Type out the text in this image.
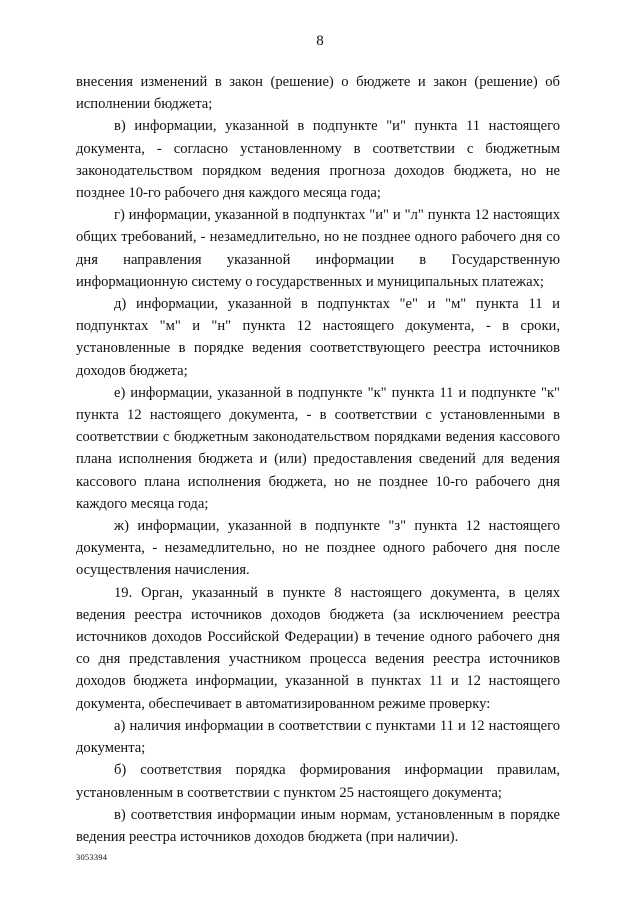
8

внесения изменений в закон (решение) о бюджете и закон (решение) об исполнении бюджета;

в) информации, указанной в подпункте "и" пункта 11 настоящего документа, - согласно установленному в соответствии с бюджетным законодательством порядком ведения прогноза доходов бюджета, но не позднее 10-го рабочего дня каждого месяца года;

г) информации, указанной в подпунктах "и" и "л" пункта 12 настоящих общих требований, - незамедлительно, но не позднее одного рабочего дня со дня направления указанной информации в Государственную информационную систему о государственных и муниципальных платежах;

д) информации, указанной в подпунктах "е" и "м" пункта 11 и подпунктах "м" и "н" пункта 12 настоящего документа, - в сроки, установленные в порядке ведения соответствующего реестра источников доходов бюджета;

е) информации, указанной в подпункте "к" пункта 11 и подпункте "к" пункта 12 настоящего документа, - в соответствии с установленными в соответствии с бюджетным законодательством порядками ведения кассового плана исполнения бюджета и (или) предоставления сведений для ведения кассового плана исполнения бюджета, но не позднее 10-го рабочего дня каждого месяца года;

ж) информации, указанной в подпункте "з" пункта 12 настоящего документа, - незамедлительно, но не позднее одного рабочего дня после осуществления начисления.

19. Орган, указанный в пункте 8 настоящего документа, в целях ведения реестра источников доходов бюджета (за исключением реестра источников доходов Российской Федерации) в течение одного рабочего дня со дня представления участником процесса ведения реестра источников доходов бюджета информации, указанной в пунктах 11 и 12 настоящего документа, обеспечивает в автоматизированном режиме проверку:

а) наличия информации в соответствии с пунктами 11 и 12 настоящего документа;

б) соответствия порядка формирования информации правилам, установленным в соответствии с пунктом 25 настоящего документа;

в) соответствия информации иным нормам, установленным в порядке ведения реестра источников доходов бюджета (при наличии).

3053394
